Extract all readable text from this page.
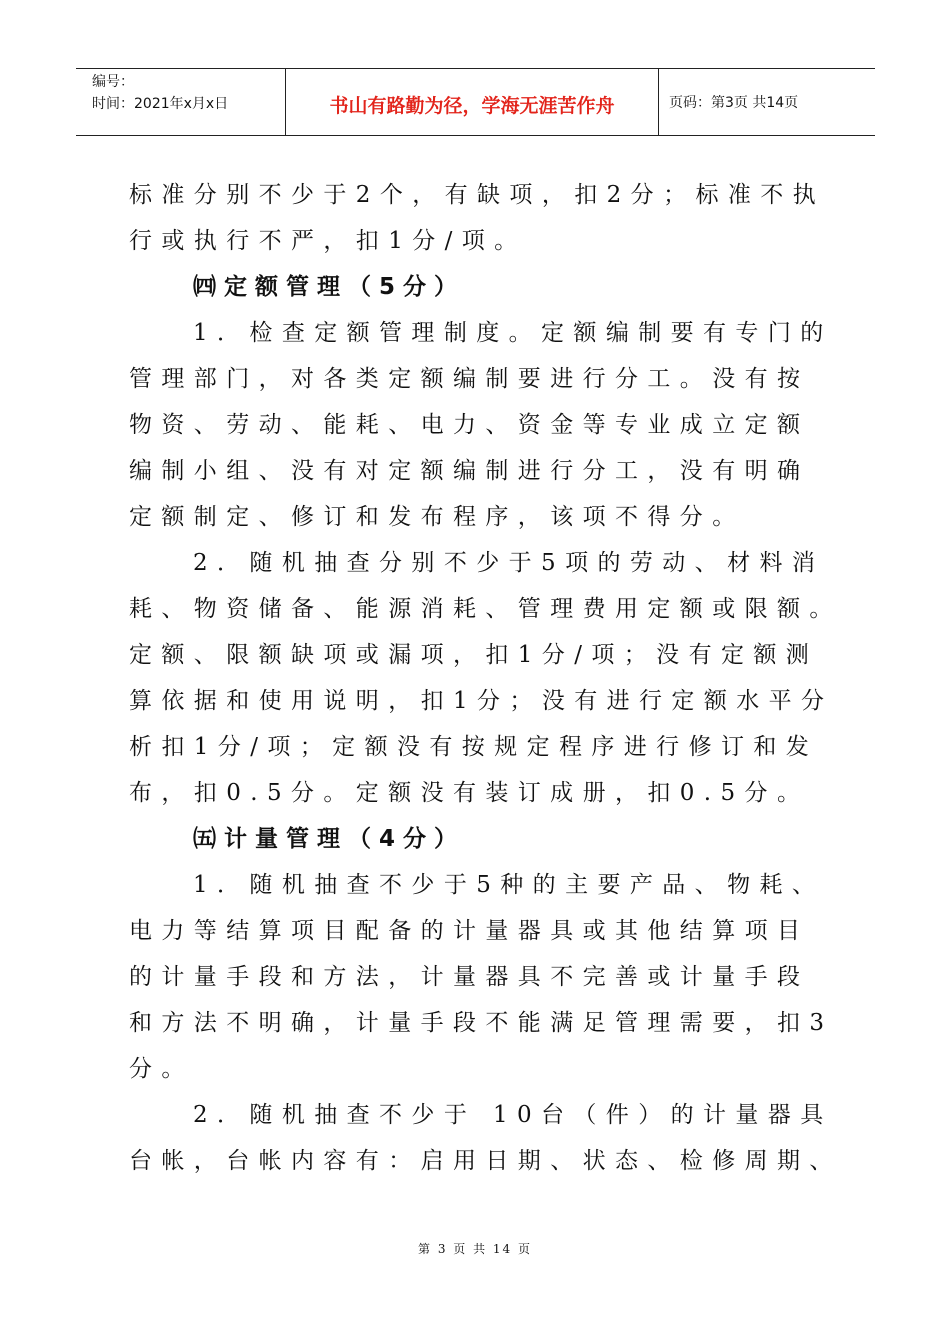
编号：
时间：2021年x月x日	书山有路勤为径，学海无涯苦作舟	页码：第3页 共14页
标准分别不少于2个，有缺项，扣2分；标准不执
行或执行不严，扣1分/项。
㈣定额管理（5分）
1．检查定额管理制度。定额编制要有专门的
管理部门，对各类定额编制要进行分工。没有按
物资、劳动、能耗、电力、资金等专业成立定额
编制小组、没有对定额编制进行分工，没有明确
定额制定、修订和发布程序，该项不得分。
2．随机抽查分别不少于5项的劳动、材料消
耗、物资储备、能源消耗、管理费用定额或限额。
定额、限额缺项或漏项，扣1分/项；没有定额测
算依据和使用说明，扣1分；没有进行定额水平分
析扣1分/项；定额没有按规定程序进行修订和发
布，扣0.5分。定额没有装订成册，扣0.5分。
㈤计量管理（4分）
1．随机抽查不少于5种的主要产品、物耗、
电力等结算项目配备的计量器具或其他结算项目
的计量手段和方法，计量器具不完善或计量手段
和方法不明确，计量手段不能满足管理需要，扣3
分。
2．随机抽查不少于 10台（件）的计量器具
台帐，台帐内容有：启用日期、状态、检修周期、
第 3 页 共 14 页
